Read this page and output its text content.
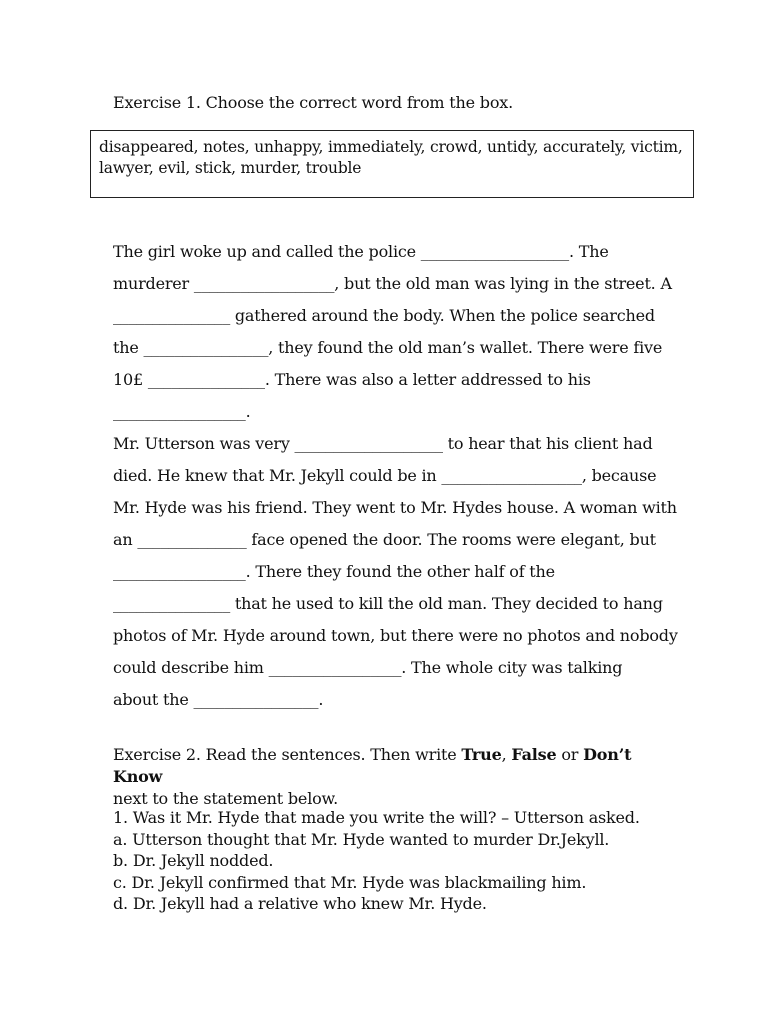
Exercise 1. Choose the correct word from the box.
disappeared, notes, unhappy, immediately, crowd, untidy, accurately, victim,
lawyer, evil, stick, murder, trouble
The girl woke up and called the police ___________________. The
murderer __________________, but the old man was lying in the street. A
_______________ gathered around the body. When the police searched
the ________________, they found the old man’s wallet. There were five
10£ _______________. There was also a letter addressed to his
_________________.
Mr. Utterson was very ___________________ to hear that his client had
died. He knew that Mr. Jekyll could be in __________________, because
Mr. Hyde was his friend. They went to Mr. Hydes house. A woman with
an ______________ face opened the door. The rooms were elegant, but
_________________. There they found the other half of the
_______________ that he used to kill the old man. They decided to hang
photos of Mr. Hyde around town, but there were no photos and nobody
could describe him _________________. The whole city was talking
about the ________________.
Exercise 2. Read the sentences. Then write True, False or Don’t Know
next to the statement below.
1. Was it Mr. Hyde that made you write the will? – Utterson asked.
a. Utterson thought that Mr. Hyde wanted to murder Dr.Jekyll.
b. Dr. Jekyll nodded.
c. Dr. Jekyll confirmed that Mr. Hyde was blackmailing him.
d. Dr. Jekyll had a relative who knew Mr. Hyde.
